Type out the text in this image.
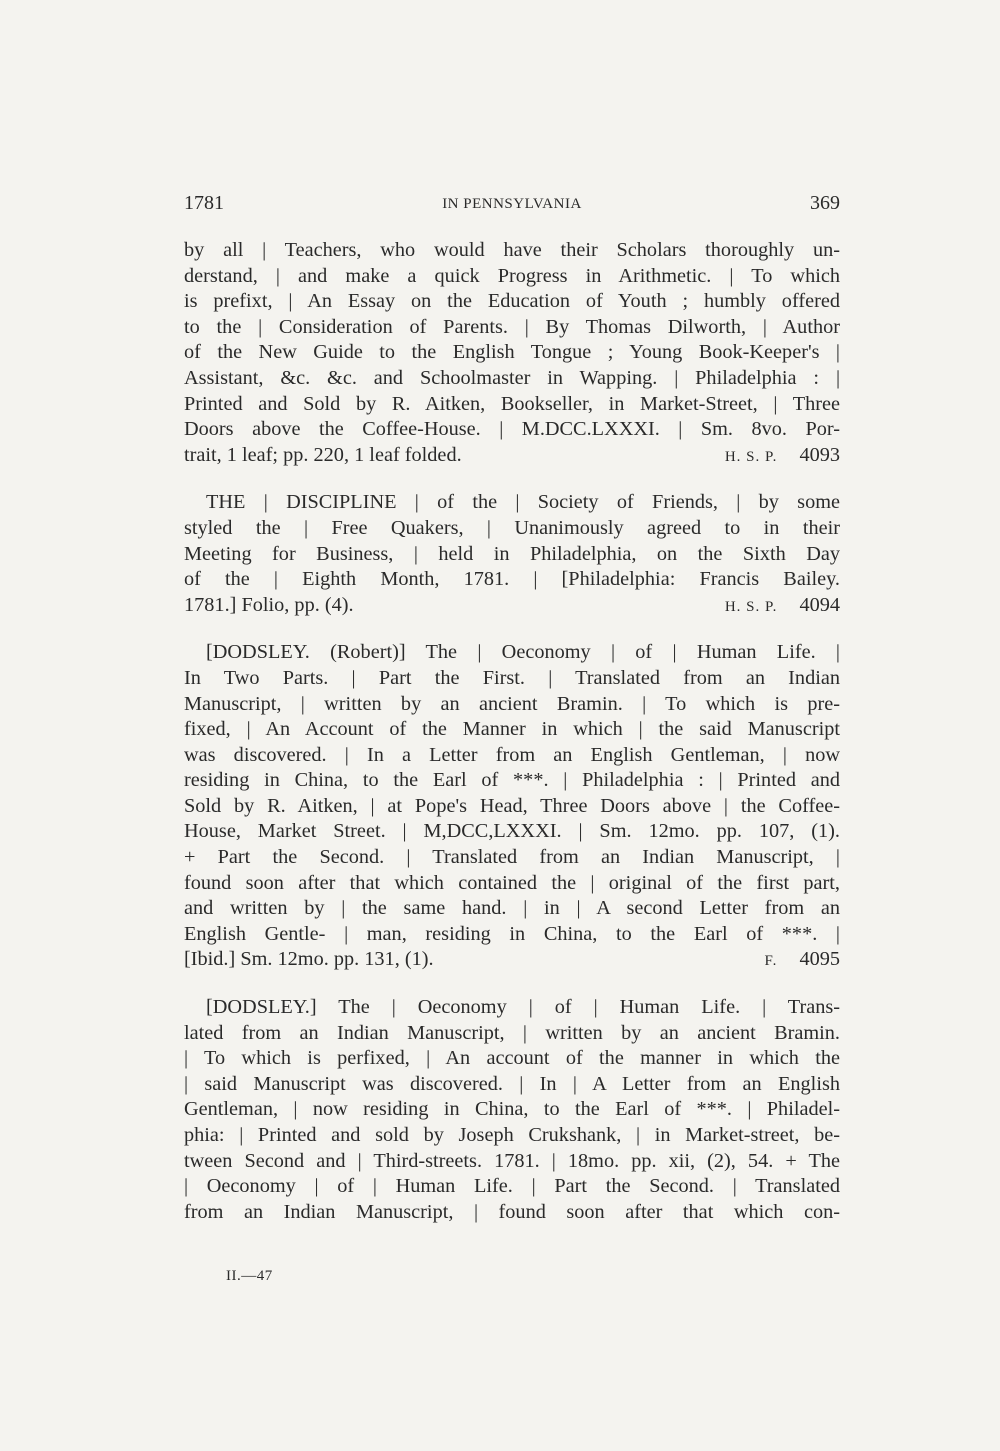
1781	IN PENNSYLVANIA	369
by all | Teachers, who would have their Scholars thoroughly un-
derstand, | and make a quick Progress in Arithmetic. | To which
is prefixt, | An Essay on the Education of Youth ; humbly offered
to the | Consideration of Parents. | By Thomas Dilworth, | Author
of the New Guide to the English Tongue ; Young Book-Keeper's |
Assistant, &c. &c. and Schoolmaster in Wapping. | Philadelphia : |
Printed and Sold by R. Aitken, Bookseller, in Market-Street, | Three
Doors above the Coffee-House. | M.DCC.LXXXI. | Sm. 8vo. Por-
trait, 1 leaf; pp. 220, 1 leaf folded.	H. S. P. 4093
THE | DISCIPLINE | of the | Society of Friends, | by some
styled the | Free Quakers, | Unanimously agreed to in their
Meeting for Business, | held in Philadelphia, on the Sixth Day
of the | Eighth Month, 1781. | [Philadelphia: Francis Bailey.
1781.] Folio, pp. (4).	H. S. P. 4094
[DODSLEY. (Robert)] The | Oeconomy | of | Human Life. |
In Two Parts. | Part the First. | Translated from an Indian
Manuscript, | written by an ancient Bramin. | To which is pre-
fixed, | An Account of the Manner in which | the said Manuscript
was discovered. | In a Letter from an English Gentleman, | now
residing in China, to the Earl of ***. | Philadelphia : | Printed and
Sold by R. Aitken, | at Pope's Head, Three Doors above | the Coffee-
House, Market Street. | M,DCC,LXXXI. | Sm. 12mo. pp. 107, (1).
+ Part the Second. | Translated from an Indian Manuscript, |
found soon after that which contained the | original of the first part,
and written by | the same hand. | in | A second Letter from an
English Gentle- | man, residing in China, to the Earl of ***. |
[Ibid.] Sm. 12mo. pp. 131, (1).	F. 4095
[DODSLEY.] The | Oeconomy | of | Human Life. | Trans-
lated from an Indian Manuscript, | written by an ancient Bramin.
| To which is perfixed, | An account of the manner in which the
| said Manuscript was discovered. | In | A Letter from an English
Gentleman, | now residing in China, to the Earl of ***. | Philadel-
phia: | Printed and sold by Joseph Crukshank, | in Market-street, be-
tween Second and | Third-streets. 1781. | 18mo. pp. xii, (2), 54. + The
| Oeconomy | of | Human Life. | Part the Second. | Translated
from an Indian Manuscript, | found soon after that which con-
II.—47
